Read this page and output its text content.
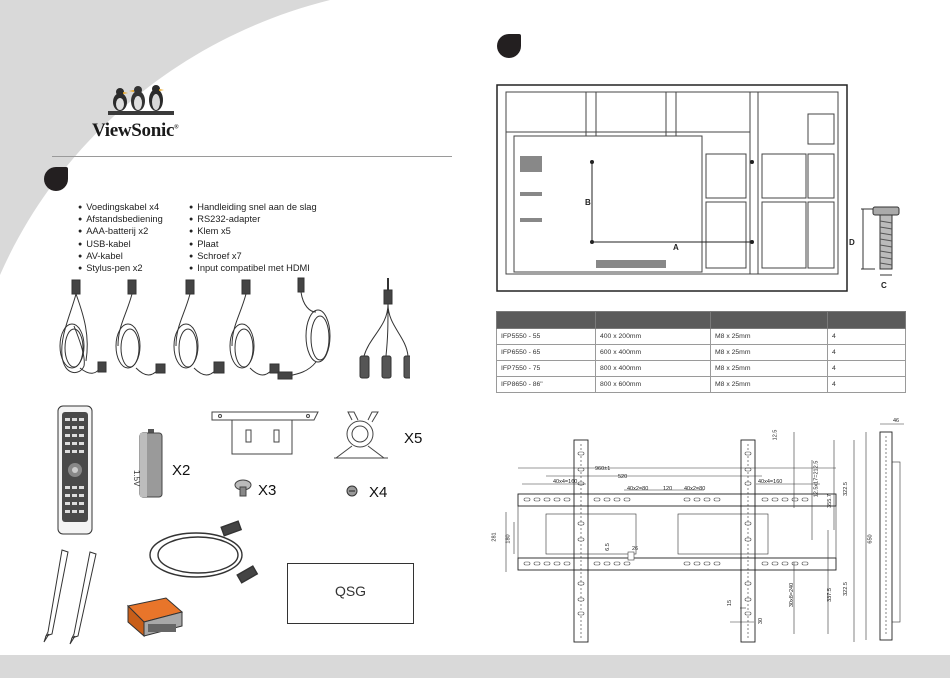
ViewSonic®
● Voedingskabel x4
● Afstandsbediening
● AAA-batterij x2
● USB-kabel
● AV-kabel
● Stylus-pen x2
● Handleiding snel aan de slag
● RS232-adapter
● Klem x5
● Plaat
● Schroef x7
● Input compatibel met HDMI
1.5V X2
X3
X5
X4
QSG
B
A
D
C

IFP5550 - 55	400 x 200mm	M8 x 25mm	4
IFP6550 - 65	600 x 400mm	M8 x 25mm	4
IFP7550 - 75	800 x 400mm	M8 x 25mm	4
IFP8650 - 86"	800 x 600mm	M8 x 25mm	4
960±1
520
40x4=160
40x2=80	120 40x2=80
40x4=160
12.5
12.5x17=212.5
355.7
322.5
322.5
337.5
650
281 180
6.5	26
30x8=240
15
30
46
